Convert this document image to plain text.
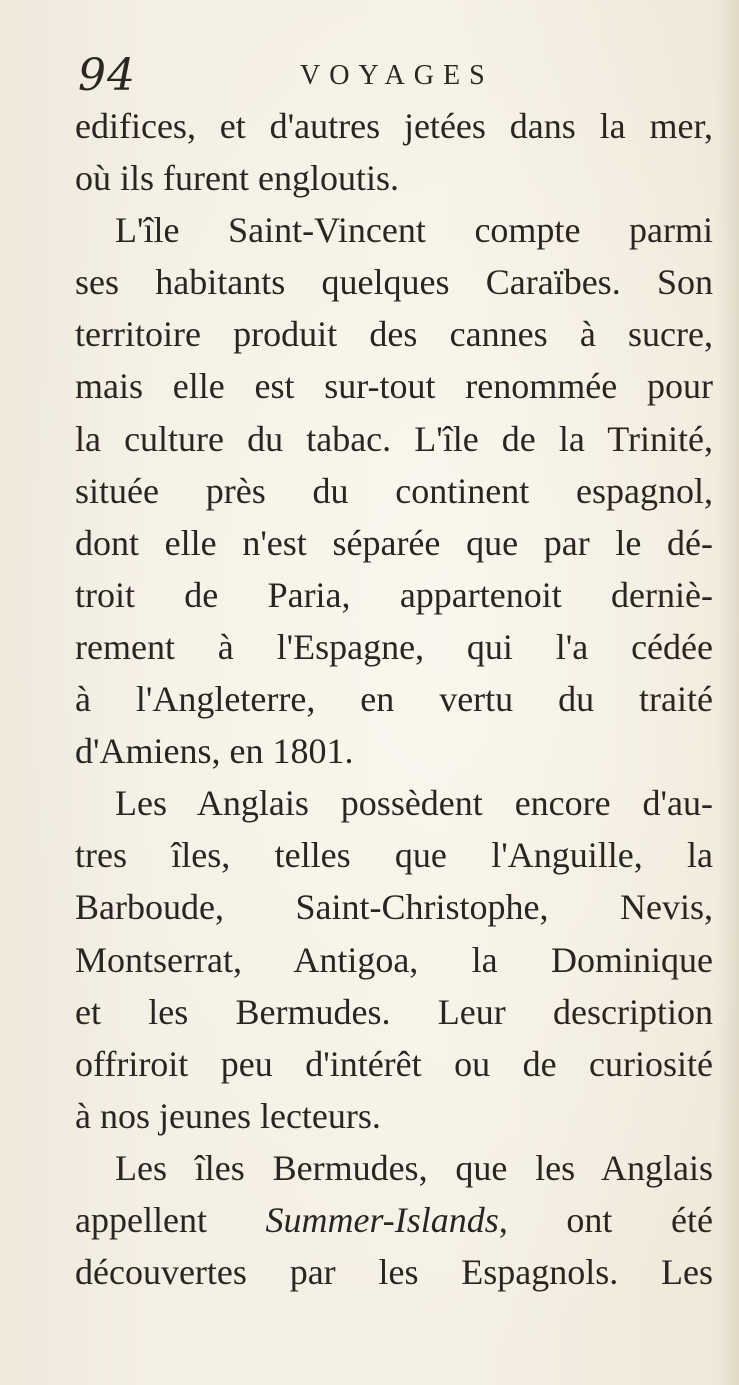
94	VOYAGES
edifices, et d'autres jetées dans la mer,
où ils furent engloutis.
L'île Saint-Vincent compte parmi
ses habitants quelques Caraïbes. Son
territoire produit des cannes à sucre,
mais elle est sur-tout renommée pour
la culture du tabac. L'île de la Trinité,
située près du continent espagnol,
dont elle n'est séparée que par le dé-
troit de Paria, appartenoit derniè-
rement à l'Espagne, qui l'a cédée
à l'Angleterre, en vertu du traité
d'Amiens, en 1801.
Les Anglais possèdent encore d'au-
tres îles, telles que l'Anguille, la
Barboude, Saint-Christophe, Nevis,
Montserrat, Antigoa, la Dominique
et les Bermudes. Leur description
offriroit peu d'intérêt ou de curiosité
à nos jeunes lecteurs.
Les îles Bermudes, que les Anglais
appellent Summer-Islands, ont été
découvertes par les Espagnols. Les
